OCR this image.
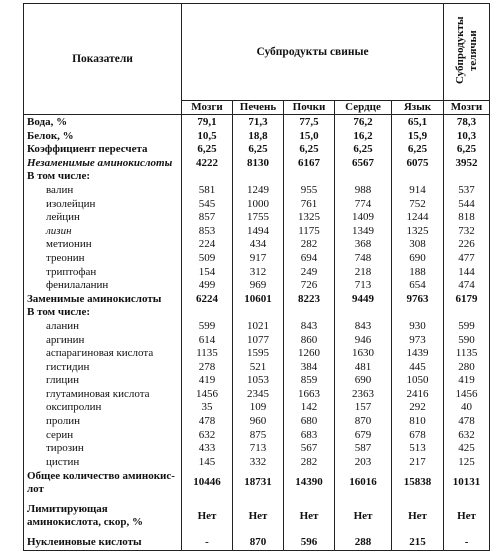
Показатели	Субпродукты свиные					Субпродукты телячьи
	Мозги	Печень	Почки	Сердце	Язык	Мозги
Вода, %	79,1	71,3	77,5	76,2	65,1	78,3
Белок, %	10,5	18,8	15,0	16,2	15,9	10,3
Коэффициент пересчета	6,25	6,25	6,25	6,25	6,25	6,25
Незаменимые аминокислоты	4222	8130	6167	6567	6075	3952
В том числе:						
валин	581	1249	955	988	914	537
изолейцин	545	1000	761	774	752	544
лейцин	857	1755	1325	1409	1244	818
лизин	853	1494	1175	1349	1325	732
метионин	224	434	282	368	308	226
треонин	509	917	694	748	690	477
триптофан	154	312	249	218	188	144
фенилаланин	499	969	726	713	654	474
Заменимые аминокислоты	6224	10601	8223	9449	9763	6179
В том числе:						
аланин	599	1021	843	843	930	599
аргинин	614	1077	860	946	973	590
аспарагиновая кислота	1135	1595	1260	1630	1439	1135
гистидин	278	521	384	481	445	280
глицин	419	1053	859	690	1050	419
глутаминовая кислота	1456	2345	1663	2363	2416	1456
оксипролин	35	109	142	157	292	40
пролин	478	960	680	870	810	478
серин	632	875	683	679	678	632
тирозин	433	713	567	587	513	425
цистин	145	332	282	203	217	125
Общее количество аминокис-лот	10446	18731	14390	16016	15838	10131
Лимитирующая аминокислота, скор, %	Нет	Нет	Нет	Нет	Нет	Нет
Нуклеиновые кислоты	-	870	596	288	215	-
